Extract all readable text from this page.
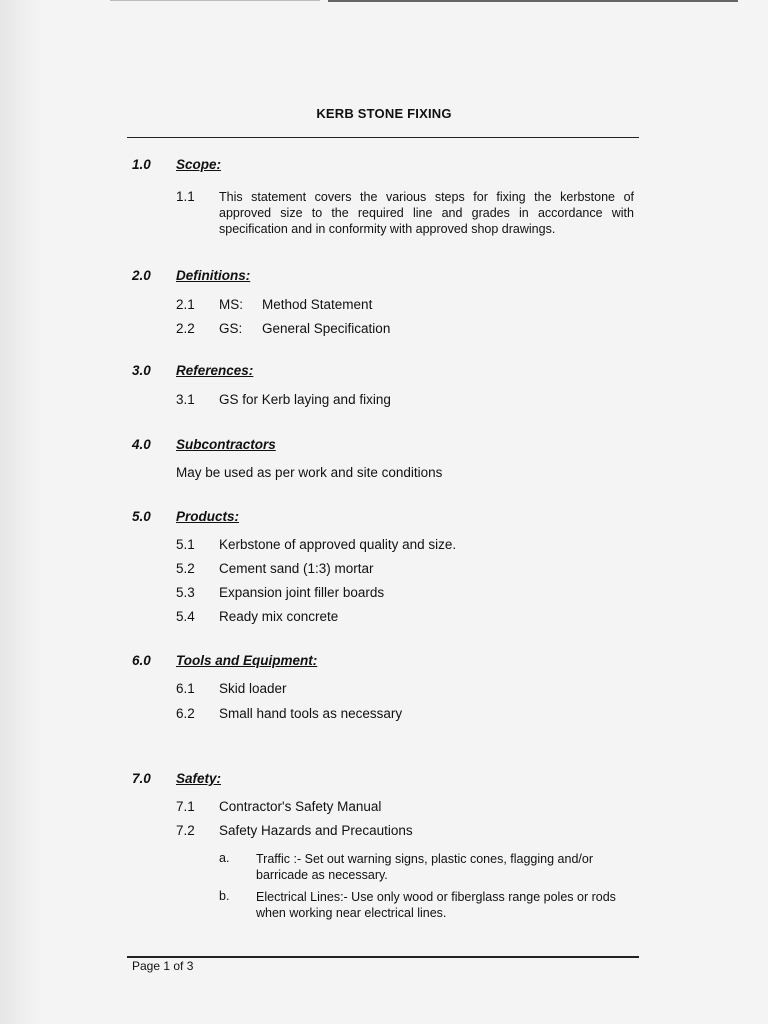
KERB STONE FIXING
1.0 Scope:
1.1 This statement covers the various steps for fixing the kerbstone of approved size to the required line and grades in accordance with specification and in conformity with approved shop drawings.
2.0 Definitions:
2.1 MS: Method Statement
2.2 GS: General Specification
3.0 References:
3.1 GS for Kerb laying and fixing
4.0 Subcontractors
May be used as per work and site conditions
5.0 Products:
5.1 Kerbstone of approved quality and size.
5.2 Cement sand (1:3) mortar
5.3 Expansion joint filler boards
5.4 Ready mix concrete
6.0 Tools and Equipment:
6.1 Skid loader
6.2 Small hand tools as necessary
7.0 Safety:
7.1 Contractor's Safety Manual
7.2 Safety Hazards and Precautions
a. Traffic :- Set out warning signs, plastic cones, flagging and/or barricade as necessary.
b. Electrical Lines:- Use only wood or fiberglass range poles or rods when working near electrical lines.
Page 1 of 3
